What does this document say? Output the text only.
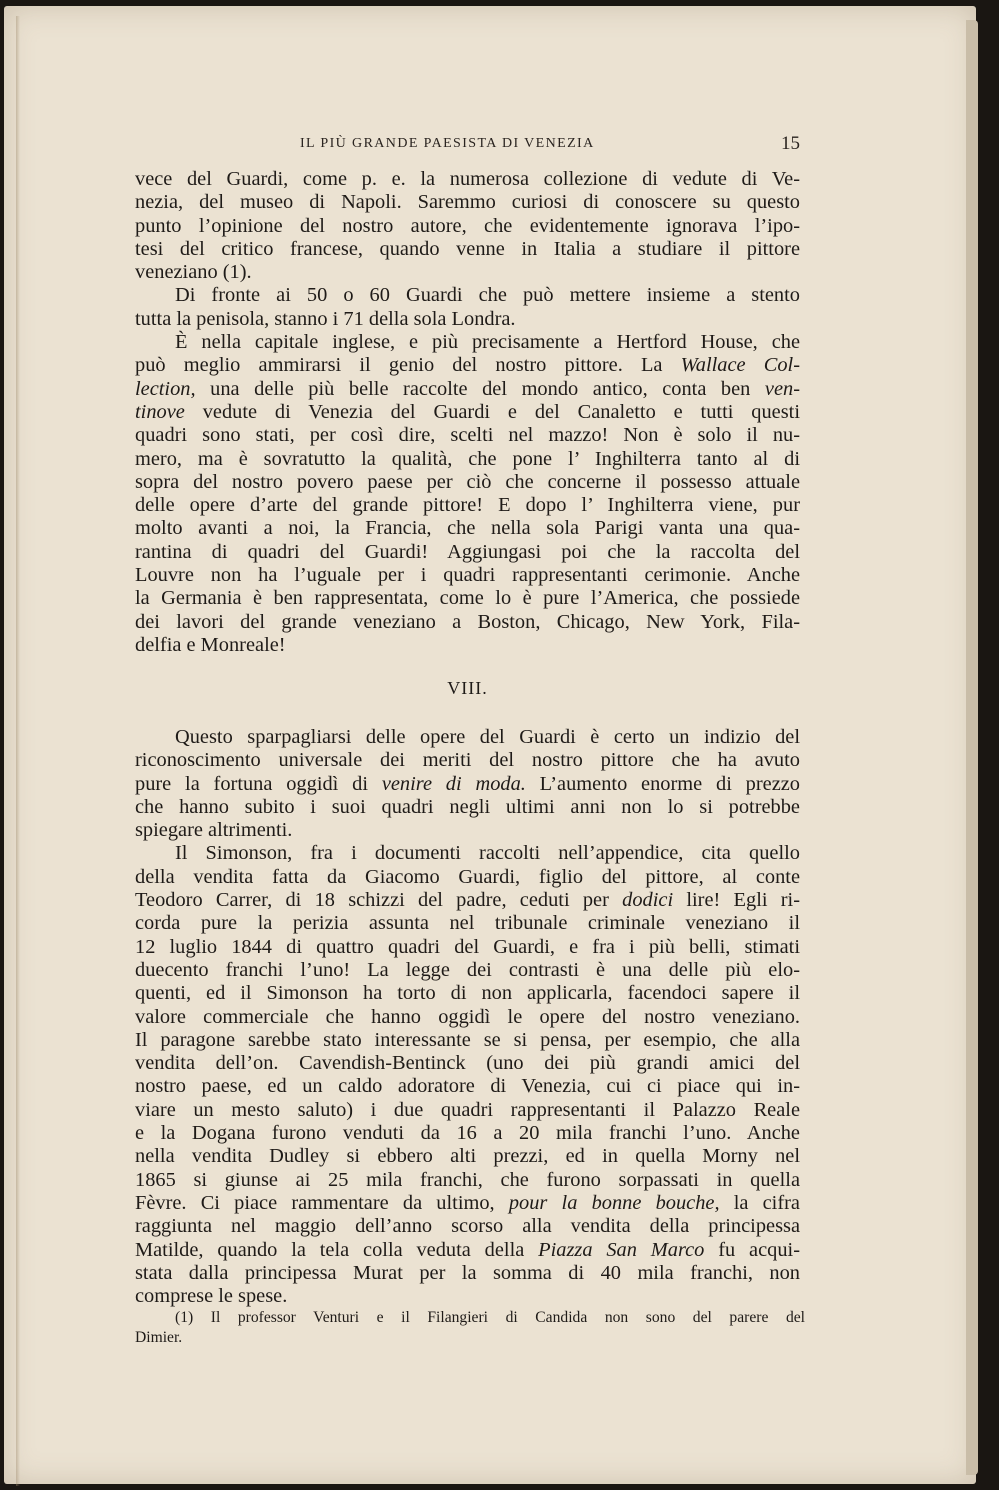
IL PIÙ GRANDE PAESISTA DI VENEZIA	15
vece del Guardi, come p. e. la numerosa collezione di vedute di Ve-
nezia, del museo di Napoli. Saremmo curiosi di conoscere su questo
punto l’opinione del nostro autore, che evidentemente ignorava l’ipo-
tesi del critico francese, quando venne in Italia a studiare il pittore
veneziano (1).
Di fronte ai 50 o 60 Guardi che può mettere insieme a stento
tutta la penisola, stanno i 71 della sola Londra.
È nella capitale inglese, e più precisamente a Hertford House, che
può meglio ammirarsi il genio del nostro pittore. La Wallace Col-
lection, una delle più belle raccolte del mondo antico, conta ben ven-
tinove vedute di Venezia del Guardi e del Canaletto e tutti questi
quadri sono stati, per così dire, scelti nel mazzo! Non è solo il nu-
mero, ma è sovratutto la qualità, che pone l’ Inghilterra tanto al di
sopra del nostro povero paese per ciò che concerne il possesso attuale
delle opere d’arte del grande pittore! E dopo l’ Inghilterra viene, pur
molto avanti a noi, la Francia, che nella sola Parigi vanta una qua-
rantina di quadri del Guardi! Aggiungasi poi che la raccolta del
Louvre non ha l’uguale per i quadri rappresentanti cerimonie. Anche
la Germania è ben rappresentata, come lo è pure l’America, che possiede
dei lavori del grande veneziano a Boston, Chicago, New York, Fila-
delfia e Monreale!
VIII.
Questo sparpagliarsi delle opere del Guardi è certo un indizio del
riconoscimento universale dei meriti del nostro pittore che ha avuto
pure la fortuna oggidì di venire di moda. L’aumento enorme di prezzo
che hanno subito i suoi quadri negli ultimi anni non lo si potrebbe
spiegare altrimenti.
Il Simonson, fra i documenti raccolti nell’appendice, cita quello
della vendita fatta da Giacomo Guardi, figlio del pittore, al conte
Teodoro Carrer, di 18 schizzi del padre, ceduti per dodici lire! Egli ri-
corda pure la perizia assunta nel tribunale criminale veneziano il
12 luglio 1844 di quattro quadri del Guardi, e fra i più belli, stimati
duecento franchi l’uno! La legge dei contrasti è una delle più elo-
quenti, ed il Simonson ha torto di non applicarla, facendoci sapere il
valore commerciale che hanno oggidì le opere del nostro veneziano.
Il paragone sarebbe stato interessante se si pensa, per esempio, che alla
vendita dell’on. Cavendish-Bentinck (uno dei più grandi amici del
nostro paese, ed un caldo adoratore di Venezia, cui ci piace qui in-
viare un mesto saluto) i due quadri rappresentanti il Palazzo Reale
e la Dogana furono venduti da 16 a 20 mila franchi l’uno. Anche
nella vendita Dudley si ebbero alti prezzi, ed in quella Morny nel
1865 si giunse ai 25 mila franchi, che furono sorpassati in quella
Fèvre. Ci piace rammentare da ultimo, pour la bonne bouche, la cifra
raggiunta nel maggio dell’anno scorso alla vendita della principessa
Matilde, quando la tela colla veduta della Piazza San Marco fu acqui-
stata dalla principessa Murat per la somma di 40 mila franchi, non
comprese le spese.
(1) Il professor Venturi e il Filangieri di Candida non sono del parere del
Dimier.
